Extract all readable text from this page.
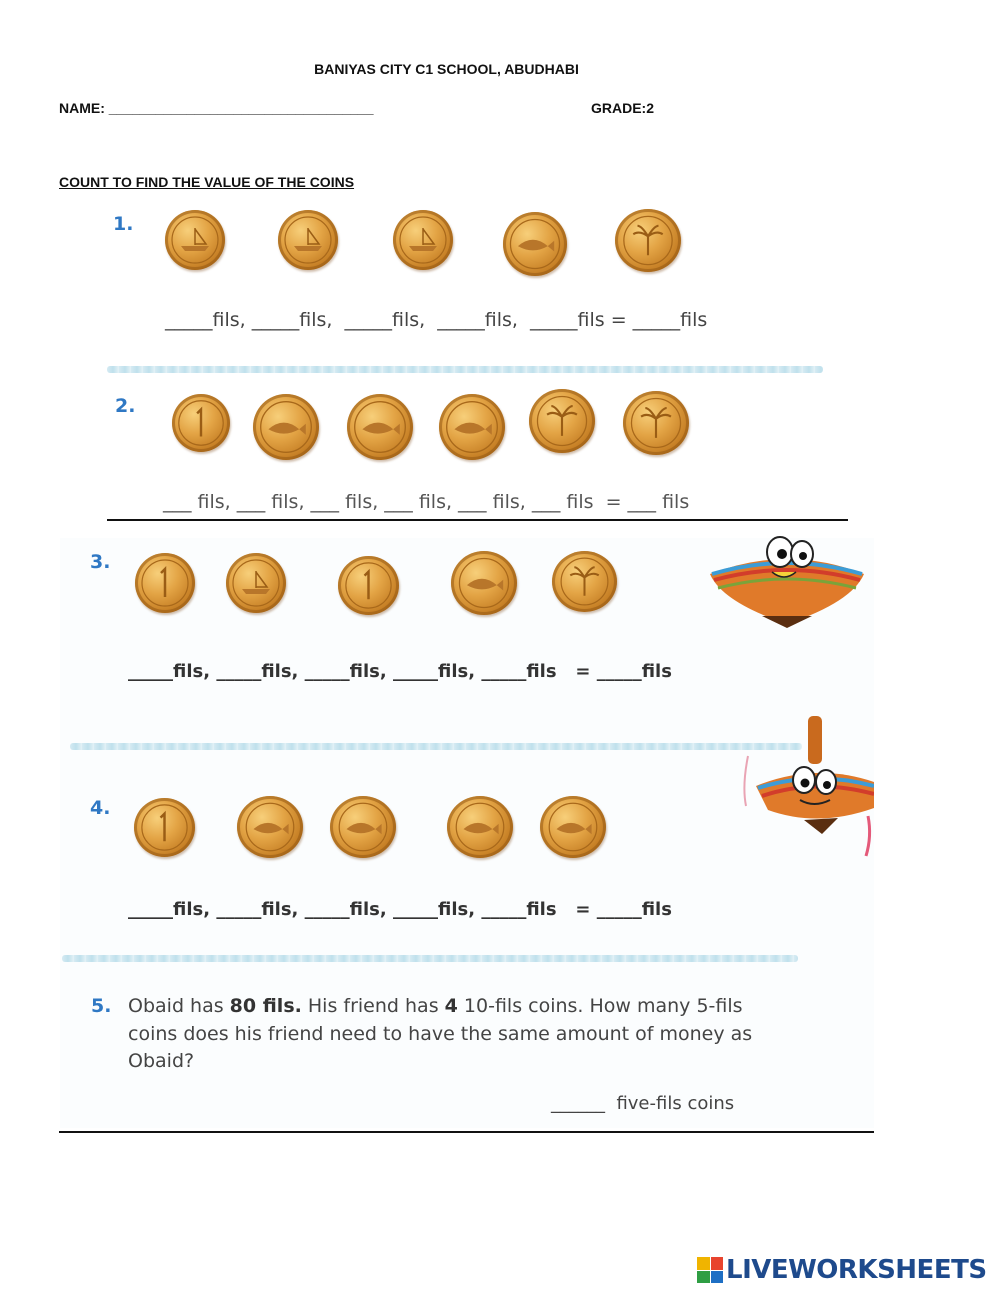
BANIYAS CITY C1 SCHOOL, ABUDHABI
NAME: __________________________________	GRADE:2
COUNT TO FIND THE VALUE OF THE COINS
1.
_____fils, _____fils,  _____fils,  _____fils,  _____fils = _____fils
2.
___ fils, ___ fils, ___ fils, ___ fils, ___ fils, ___ fils  = ___ fils
3.
_____fils, _____fils, _____fils, _____fils, _____fils   = _____fils
4.
_____fils, _____fils, _____fils, _____fils, _____fils   = _____fils
5. Obaid has 80 fils. His friend has 4 10-fils coins. How many 5-fils coins does his friend need to have the same amount of money as Obaid?
______  five-fils coins
LIVEWORKSHEETS
